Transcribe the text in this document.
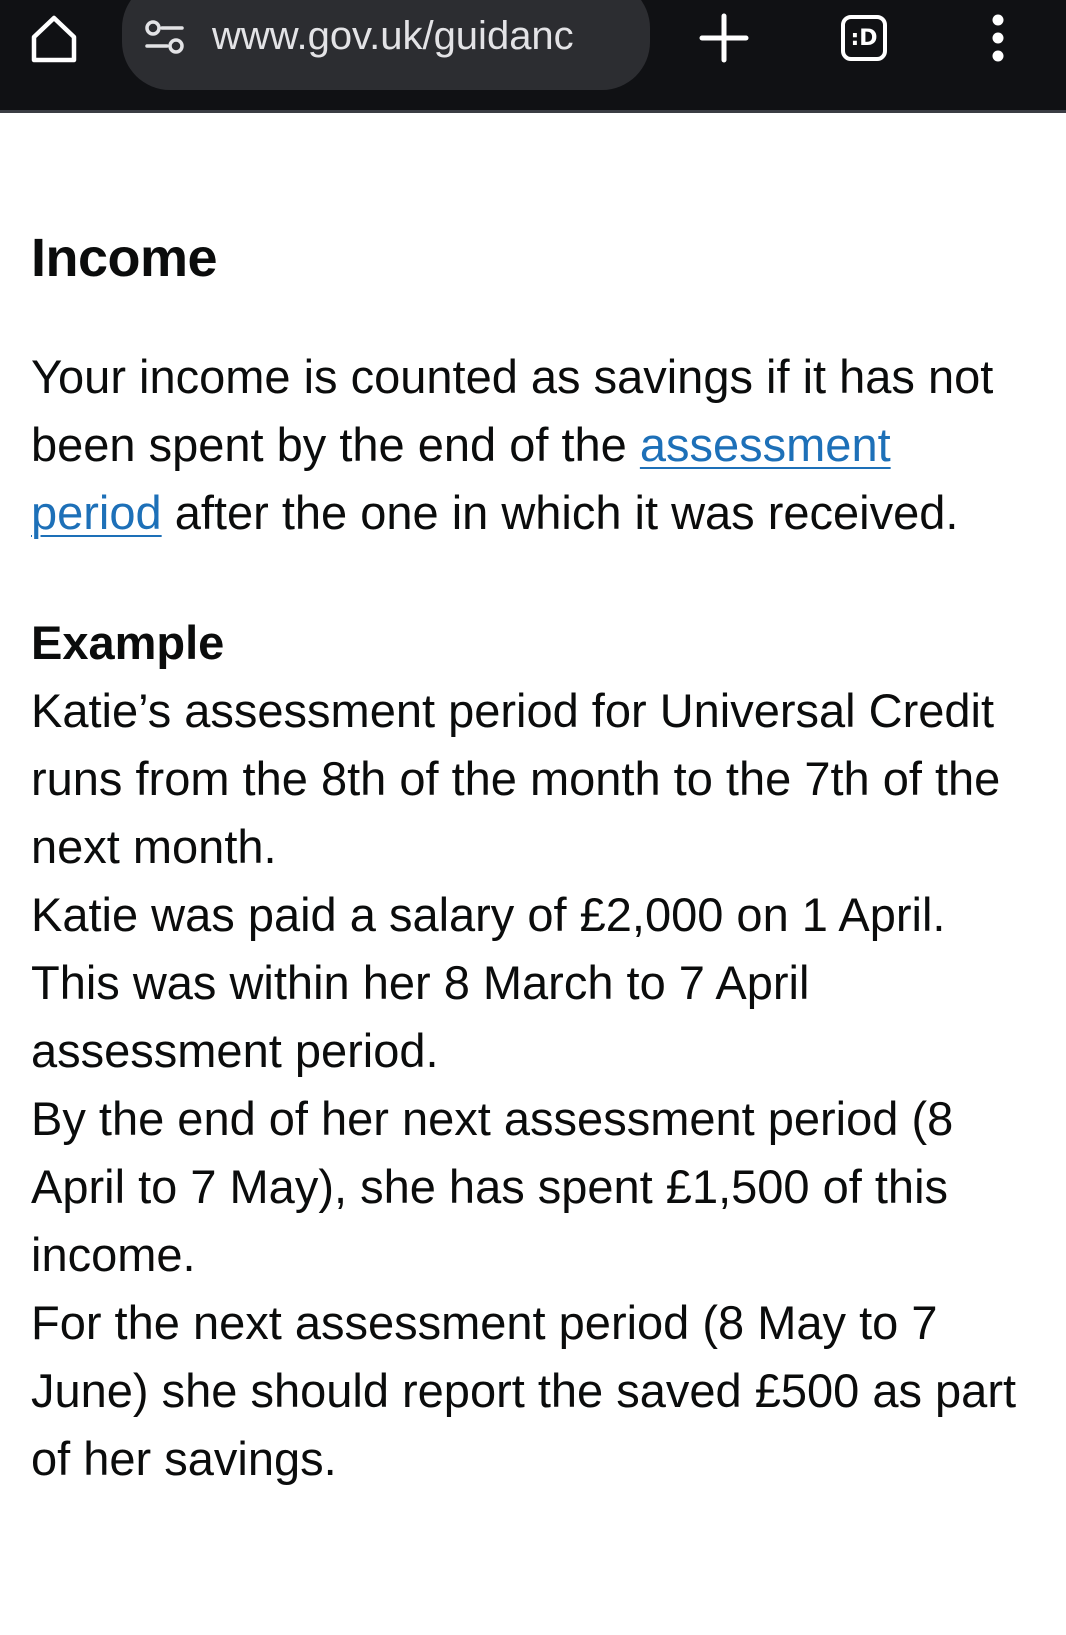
www.gov.uk/guidanc	:D
Income

Your income is counted as savings if it has not been spent by the end of the assessment period after the one in which it was received.

Example

Katie’s assessment period for Universal Credit runs from the 8th of the month to the 7th of the next month.

Katie was paid a salary of £2,000 on 1 April. This was within her 8 March to 7 April assessment period.

By the end of her next assessment period (8 April to 7 May), she has spent £1,500 of this income.

For the next assessment period (8 May to 7 June) she should report the saved £500 as part of her savings.
